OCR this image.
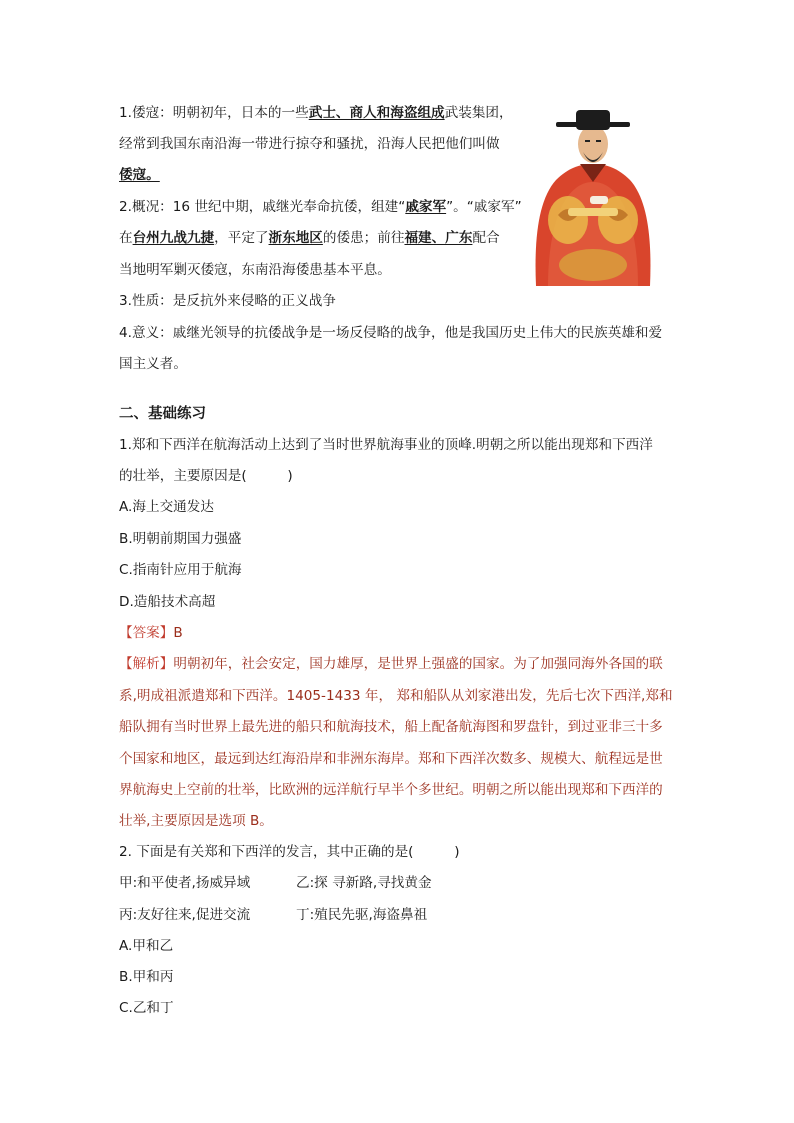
1.倭寇：明朝初年，日本的一些武士、商人和海盗组成武装集团，
经常到我国东南沿海一带进行掠夺和骚扰，沿海人民把他们叫做
倭寇。
2.概况：16 世纪中期，戚继光奉命抗倭，组建“戚家军”。“戚家军”
在台州九战九捷，平定了浙东地区的倭患；前往福建、广东配合
当地明军剿灭倭寇，东南沿海倭患基本平息。
3.性质：是反抗外来侵略的正义战争
4.意义：戚继光领导的抗倭战争是一场反侵略的战争，他是我国历史上伟大的民族英雄和爱
国主义者。
二、基础练习
1.郑和下西洋在航海活动上达到了当时世界航海事业的顶峰.明朝之所以能出现郑和下西洋
的壮举，主要原因是(　　　)
A.海上交通发达
B.明朝前期国力强盛
C.指南针应用于航海
D.造船技术高超
【答案】B
【解析】明朝初年，社会安定，国力雄厚，是世界上强盛的国家。为了加强同海外各国的联
系,明成祖派遣郑和下西洋。1405-1433 年， 郑和船队从刘家港出发，先后七次下西洋,郑和
船队拥有当时世界上最先进的船只和航海技术，船上配备航海图和罗盘针，到过亚非三十多
个国家和地区，最远到达红海沿岸和非洲东海岸。郑和下西洋次数多、规模大、航程远是世
界航海史上空前的壮举，比欧洲的远洋航行早半个多世纪。明朝之所以能出现郑和下西洋的
壮举,主要原因是选项 B。
2. 下面是有关郑和下西洋的发言，其中正确的是(　　　)
甲:和平使者,扬威异域	乙:探 寻新路,寻找黄金
丙:友好往来,促进交流	丁:殖民先驱,海盗鼻祖
A.甲和乙
B.甲和丙
C.乙和丁
